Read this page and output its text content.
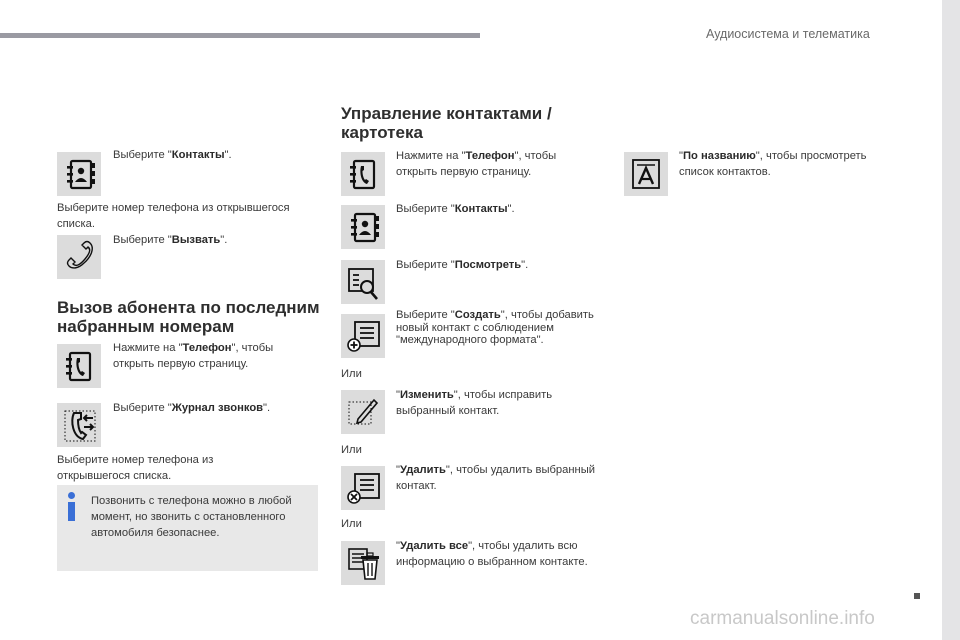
Аудиосистема и телематика
Выберите "Контакты".
Выберите номер телефона из открывшегося списка.
Выберите "Вызвать".
Вызов абонента по последним набранным номерам
Нажмите на "Телефон", чтобы открыть первую страницу.
Выберите "Журнал звонков".
Выберите номер телефона из открывшегося списка.
Позвонить с телефона можно в любой момент, но звонить с остановленного автомобиля безопаснее.
Управление контактами / картотека
Нажмите на "Телефон", чтобы открыть первую страницу.
Выберите "Контакты".
Выберите "Посмотреть".
Выберите "Создать", чтобы добавить новый контакт с соблюдением "международного формата".
Или
"Изменить", чтобы исправить выбранный контакт.
Или
"Удалить", чтобы удалить выбранный контакт.
Или
"Удалить все", чтобы удалить всю информацию о выбранном контакте.
"По названию", чтобы просмотреть список контактов.
carmanualsonline.info
